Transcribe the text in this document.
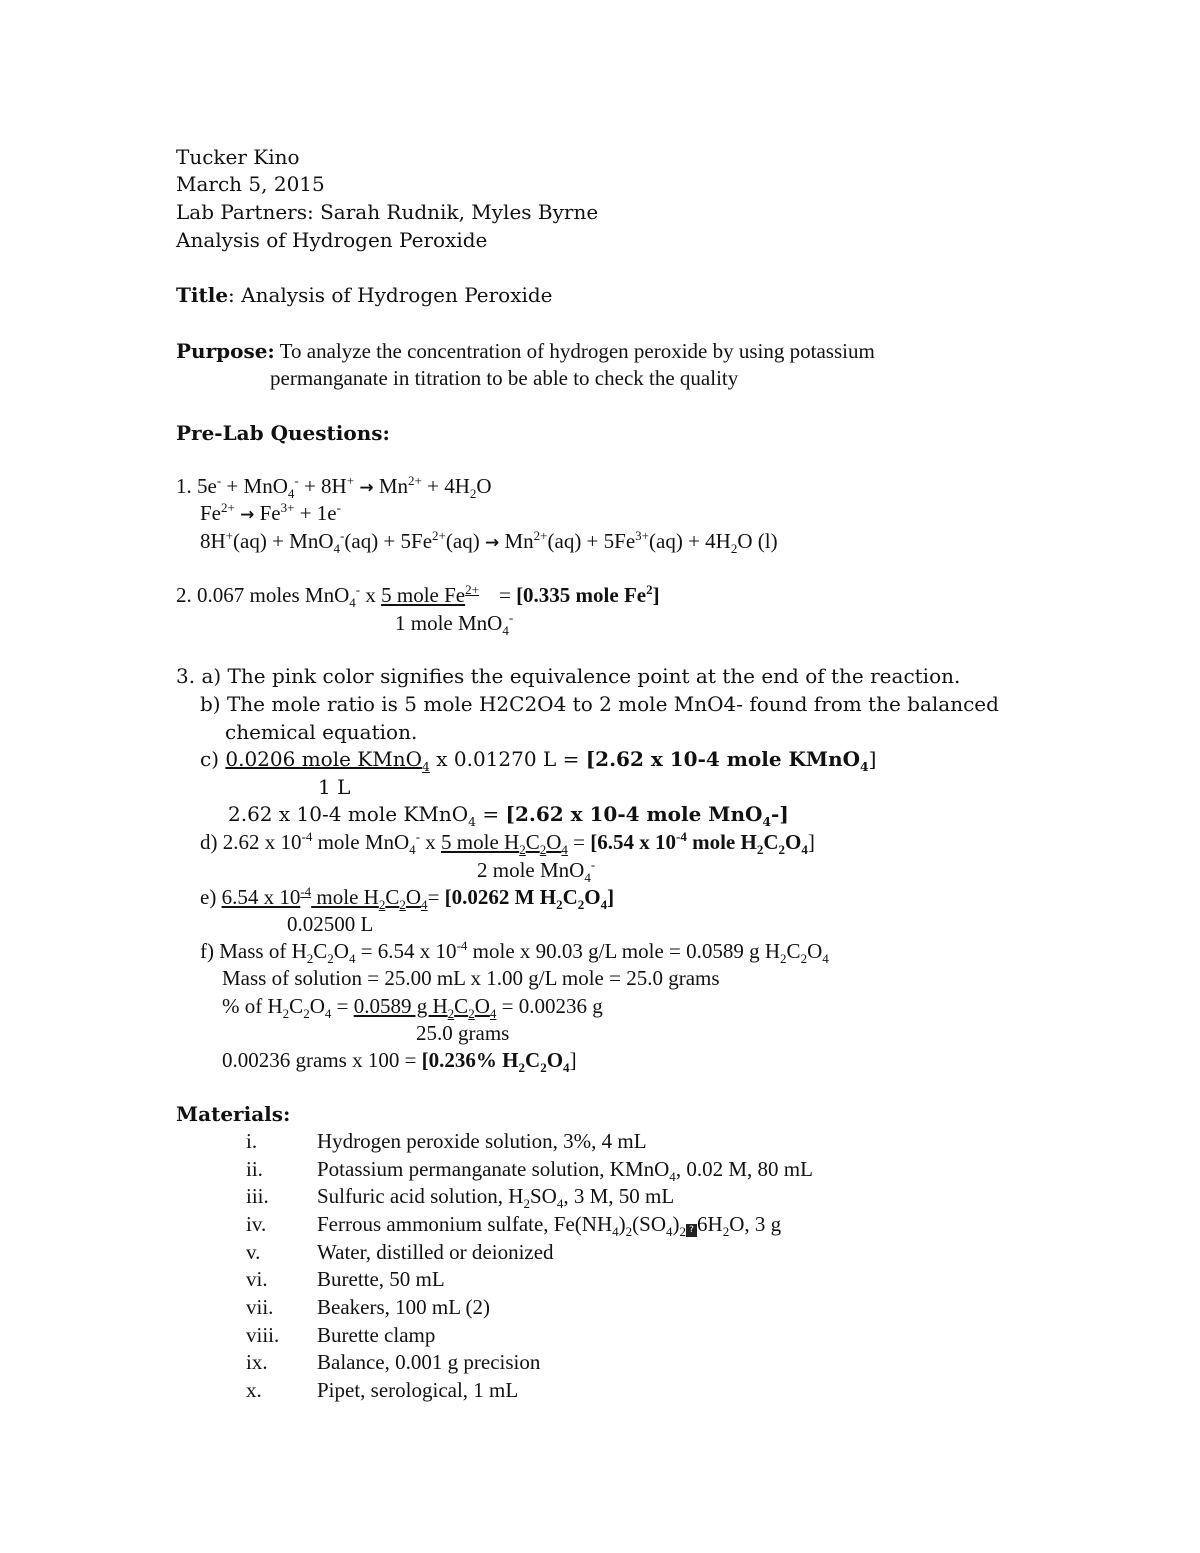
Tucker Kino
March 5, 2015
Lab Partners: Sarah Rudnik, Myles Byrne
Analysis of Hydrogen Peroxide
Title: Analysis of Hydrogen Peroxide
Purpose: To analyze the concentration of hydrogen peroxide by using potassium
permanganate in titration to be able to check the quality
Pre-Lab Questions:
1. $5e^- + MnO_4^- + 8H^+ \to Mn^{2+} + 4H_2O$
$Fe^{2+} \to Fe^{3+} + 1e^-$
$8H^+(aq) + MnO_4^-(aq) + 5Fe^{2+}(aq) \to Mn^{2+}(aq) + 5Fe^{3+}(aq) + 4H_2O$ (l)
2. 0.067 moles MnO$_4$- x 5 mole $Fe^{2+} = [0.335$ mole Fe$^2$]
1 mole MnO$_4$-
3. a) The pink color signifies the equivalence point at the end of the reaction.
b) The mole ratio is 5 mole H2C2O4 to 2 mole MnO4- found from the balanced
chemical equation.
c) 0.0206 mole KMnO$_4$ x 0.01270 L = [2.62 x 10-4 mole KMnO$_4$]
1 L
2.62 x 10-4 mole KMnO$_4$ = [2.62 x 10-4 mole MnO$_4$-]
d) 2.62 x $10^{-4}$ mole MnO$_4$- x 5 mole $H_2C_2O_4 = [6.54$ x $10^{-4}$ mole $H_2C_2O_4$]
2 mole MnO$_4$-
e) 6.54 x $10^{-4}$ mole $H_2C_2O_4= [0.0262$ M $H_2C_2O_4$]
0.02500 L
f) Mass of $H_2C_2O_4 = 6.54$ x $10^{-4}$ mole x 90.03 g/L mole = 0.0589 g $H_2C_2O_4$
Mass of solution = 25.00 mL x 1.00 g/L mole = 25.0 grams
% of $H_2C_2O_4 = 0.0589$ g $H_2C_2O_4 = 0.00236$ g
25.0 grams
0.00236 grams x 100 = [0.236% $H_2C_2O_4$]
Materials:
i.	Hydrogen peroxide solution, 3%, 4 mL
ii.	Potassium permanganate solution, KMnO$_4$, 0.02 M, 80 mL
iii. Sulfuric acid solution, $H_2SO_4$, 3 M, 50 mL
iv. Ferrous ammonium sulfate, $Fe(NH_4)_2(SO_4)_2$ ? $6H_2O$, 3 g
v.	Water, distilled or deionized
vi. Burette, 50 mL
vii. Beakers, 100 mL (2)
viii. Burette clamp
ix. Balance, 0.001 g precision
x.	Pipet, serological, 1 mL
